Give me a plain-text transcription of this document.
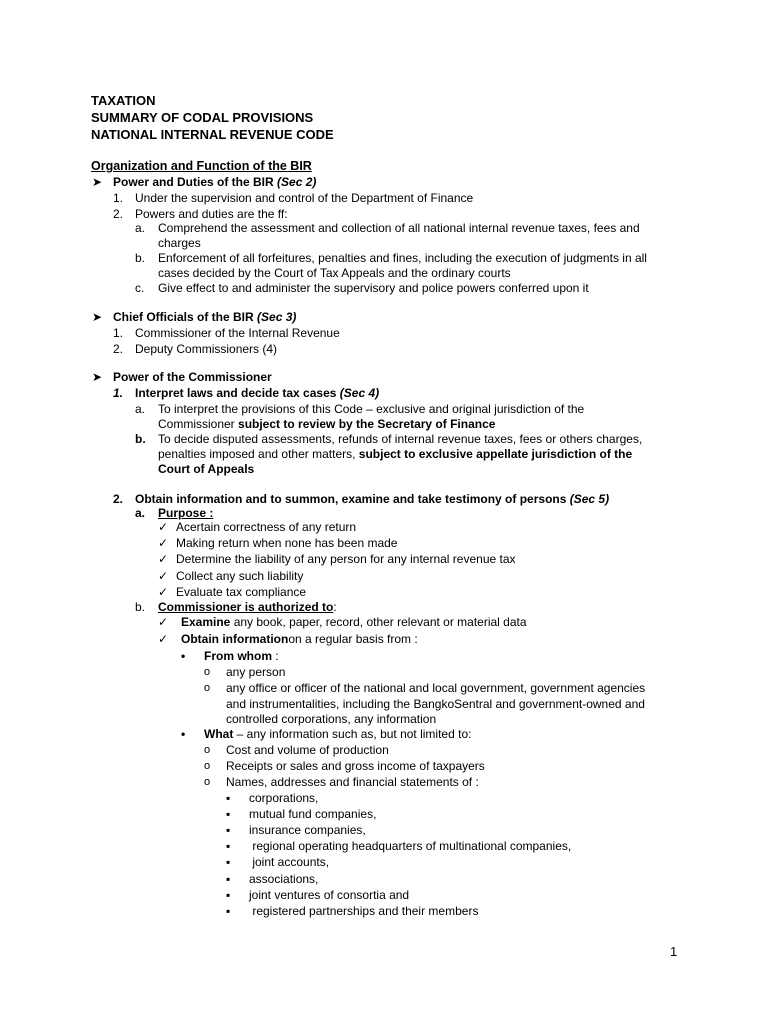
TAXATION
SUMMARY OF CODAL PROVISIONS
NATIONAL INTERNAL REVENUE CODE
Organization and Function of the BIR
➤ Power and Duties of the BIR (Sec 2)
1. Under the supervision and control of the Department of Finance
2. Powers and duties are the ff:
a. Comprehend the assessment and collection of all national internal revenue taxes, fees and
charges
b. Enforcement of all forfeitures, penalties and fines, including the execution of judgments in all
cases decided by the Court of Tax Appeals and the ordinary courts
c. Give effect to and administer the supervisory and police powers conferred upon it
➤ Chief Officials of the BIR (Sec 3)
1. Commissioner of the Internal Revenue
2. Deputy Commissioners (4)
➤ Power of the Commissioner
1. Interpret laws and decide tax cases (Sec 4)
a. To interpret the provisions of this Code – exclusive and original jurisdiction of the
Commissioner subject to review by the Secretary of Finance
b. To decide disputed assessments, refunds of internal revenue taxes, fees or others charges,
penalties imposed and other matters, subject to exclusive appellate jurisdiction of the
Court of Appeals
2. Obtain information and to summon, examine and take testimony of persons (Sec 5)
a. Purpose :
✓ Acertain correctness of any return
✓ Making return when none has been made
✓ Determine the liability of any person for any internal revenue tax
✓ Collect any such liability
✓ Evaluate tax compliance
b. Commissioner is authorized to:
✓ Examine any book, paper, record, other relevant or material data
✓ Obtain informationon a regular basis from :
• From whom :
o any person
o any office or officer of the national and local government, government agencies
and instrumentalities, including the BangkoSentral and government-owned and
controlled corporations, any information
• What – any information such as, but not limited to:
o Cost and volume of production
o Receipts or sales and gross income of taxpayers
o Names, addresses and financial statements of :
▪ corporations,
▪ mutual fund companies,
▪ insurance companies,
▪ regional operating headquarters of multinational companies,
▪ joint accounts,
▪ associations,
▪ joint ventures of consortia and
▪ registered partnerships and their members
1
